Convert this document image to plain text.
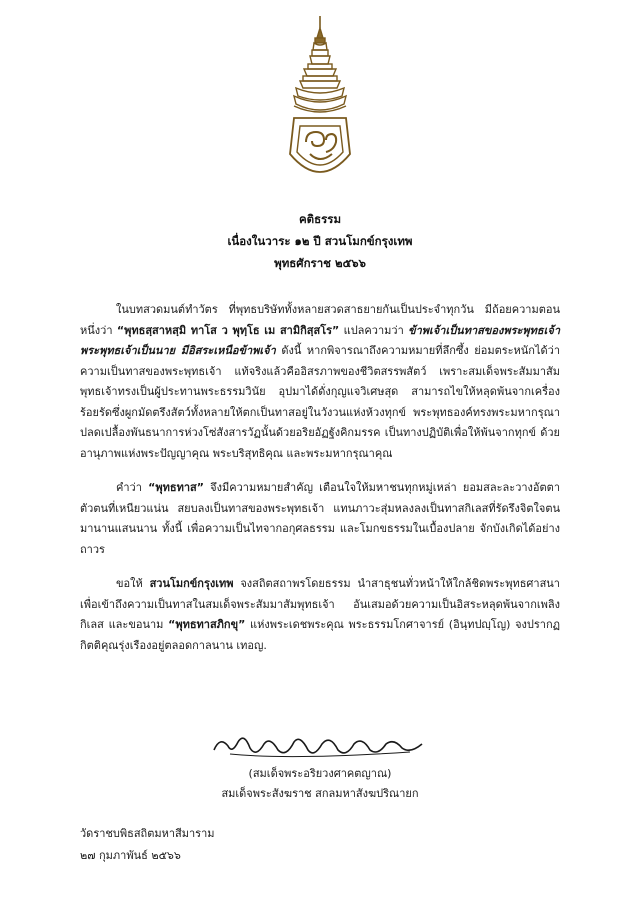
คติธรรม
เนื่องในวาระ ๑๒ ปี สวนโมกข์กรุงเทพ
พุทธศักราช ๒๕๖๖

ในบทสวดมนต์ทำวัตร ที่พุทธบริษัททั้งหลายสวดสาธยายกันเป็นประจำทุกวัน มีถ้อยความตอนหนึ่งว่า “พุทธสฺสาหสฺมิ ทาโส ว พุทฺโธ เม สามิกิสฺสโร” แปลความว่า ข้าพเจ้าเป็นทาสของพระพุทธเจ้า พระพุทธเจ้าเป็นนาย มีอิสระเหนือข้าพเจ้า ดังนี้ หากพิจารณาถึงความหมายที่ลึกซึ้ง ย่อมตระหนักได้ว่า ความเป็นทาสของพระพุทธเจ้า แท้จริงแล้วคืออิสรภาพของชีวิตสรรพสัตว์ เพราะสมเด็จพระสัมมาสัมพุทธเจ้าทรงเป็นผู้ประทานพระธรรมวินัย อุปมาได้ดั่งกุญแจวิเศษสุด สามารถไขให้หลุดพ้นจากเครื่องร้อยรัดซึ่งผูกมัดตรึงสัตว์ทั้งหลายให้ตกเป็นทาสอยู่ในวังวนแห่งห้วงทุกข์ พระพุทธองค์ทรงพระมหากรุณาปลดเปลื้องพันธนาการห่วงโซ่สังสารวัฏนั้นด้วยอริยอัฏฐังคิกมรรค เป็นทางปฏิบัติเพื่อให้พ้นจากทุกข์ ด้วยอานุภาพแห่งพระปัญญาคุณ พระบริสุทธิคุณ และพระมหากรุณาคุณ

คำว่า “พุทธทาส” จึงมีความหมายสำคัญ เตือนใจให้มหาชนทุกหมู่เหล่า ยอมสละละวางอัตตาตัวตนที่เหนียวแน่น สยบลงเป็นทาสของพระพุทธเจ้า แทนภาวะสุ่มหลงลงเป็นทาสกิเลสที่รัดรึงจิตใจตนมานานแสนนาน ทั้งนี้ เพื่อความเป็นไทจากอกุศลธรรม และโมกขธรรมในเบื้องปลาย จักบังเกิดได้อย่างถาวร

ขอให้ สวนโมกข์กรุงเทพ จงสถิตสถาพรโดยธรรม นำสาธุชนทั่วหน้าให้ใกล้ชิดพระพุทธศาสนา เพื่อเข้าถึงความเป็นทาสในสมเด็จพระสัมมาสัมพุทธเจ้า อันเสมอด้วยความเป็นอิสระหลุดพ้นจากเพลิงกิเลส และขอนาม “พุทธทาสภิกขุ” แห่งพระเดชพระคุณ พระธรรมโกศาจารย์ (อินฺทปญฺโญ) จงปรากฏกิตติคุณรุ่งเรืองอยู่ตลอดกาลนาน เทอญ.

(สมเด็จพระอริยวงศาคตญาณ)
สมเด็จพระสังฆราช สกลมหาสังฆปริณายก
วัดราชบพิธสถิตมหาสีมาราม
๒๗ กุมภาพันธ์ ๒๕๖๖
